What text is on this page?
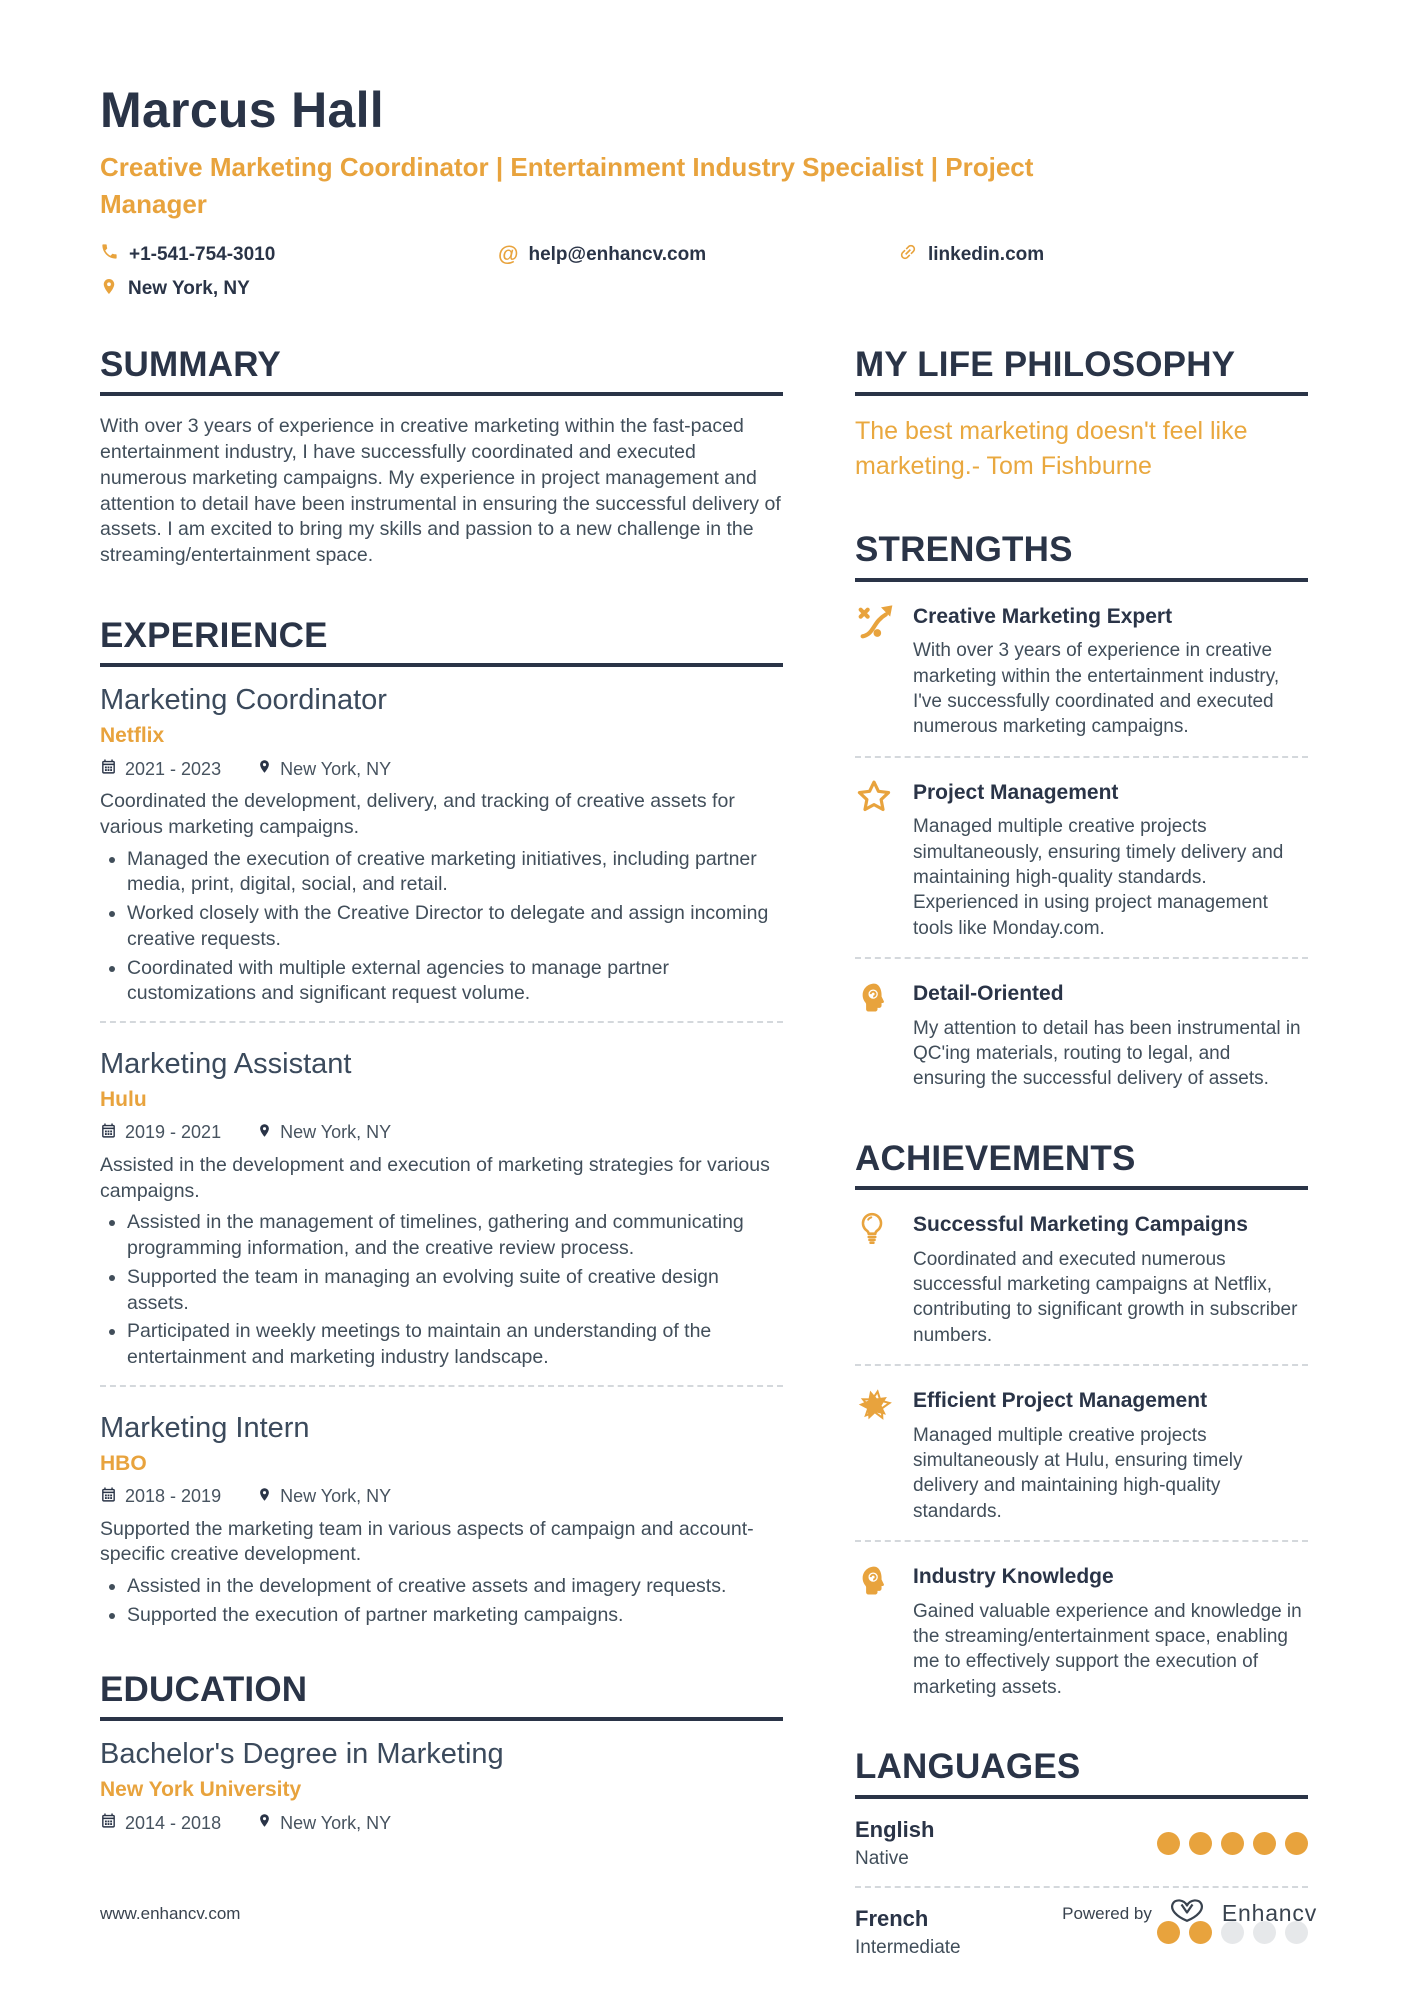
Marcus Hall
Creative Marketing Coordinator | Entertainment Industry Specialist | Project Manager
+1-541-754-3010	@ help@enhancv.com	linkedin.com
New York, NY
SUMMARY

With over 3 years of experience in creative marketing within the fast-paced entertainment industry, I have successfully coordinated and executed numerous marketing campaigns. My experience in project management and attention to detail have been instrumental in ensuring the successful delivery of assets. I am excited to bring my skills and passion to a new challenge in the streaming/entertainment space.

EXPERIENCE
Marketing Coordinator
Netflix
2021 - 2023	New York, NY
Coordinated the development, delivery, and tracking of creative assets for various marketing campaigns.
• Managed the execution of creative marketing initiatives, including partner media, print, digital, social, and retail.
• Worked closely with the Creative Director to delegate and assign incoming creative requests.
• Coordinated with multiple external agencies to manage partner customizations and significant request volume.
Marketing Assistant
Hulu
2019 - 2021	New York, NY
Assisted in the development and execution of marketing strategies for various campaigns.
• Assisted in the management of timelines, gathering and communicating programming information, and the creative review process.
• Supported the team in managing an evolving suite of creative design assets.
• Participated in weekly meetings to maintain an understanding of the entertainment and marketing industry landscape.
Marketing Intern
HBO
2018 - 2019	New York, NY
Supported the marketing team in various aspects of campaign and account-specific creative development.
• Assisted in the development of creative assets and imagery requests.
• Supported the execution of partner marketing campaigns.
EDUCATION
Bachelor's Degree in Marketing
New York University
2014 - 2018	New York, NY
MY LIFE PHILOSOPHY
The best marketing doesn't feel like marketing.- Tom Fishburne
STRENGTHS
Creative Marketing Expert
With over 3 years of experience in creative marketing within the entertainment industry, I've successfully coordinated and executed numerous marketing campaigns.
Project Management
Managed multiple creative projects simultaneously, ensuring timely delivery and maintaining high-quality standards. Experienced in using project management tools like Monday.com.
Detail-Oriented
My attention to detail has been instrumental in QC'ing materials, routing to legal, and ensuring the successful delivery of assets.
ACHIEVEMENTS
Successful Marketing Campaigns
Coordinated and executed numerous successful marketing campaigns at Netflix, contributing to significant growth in subscriber numbers.
Efficient Project Management
Managed multiple creative projects simultaneously at Hulu, ensuring timely delivery and maintaining high-quality standards.
Industry Knowledge
Gained valuable experience and knowledge in the streaming/entertainment space, enabling me to effectively support the execution of marketing assets.
LANGUAGES
English
Native
French
Intermediate
www.enhancv.com	Powered by	Enhancv
